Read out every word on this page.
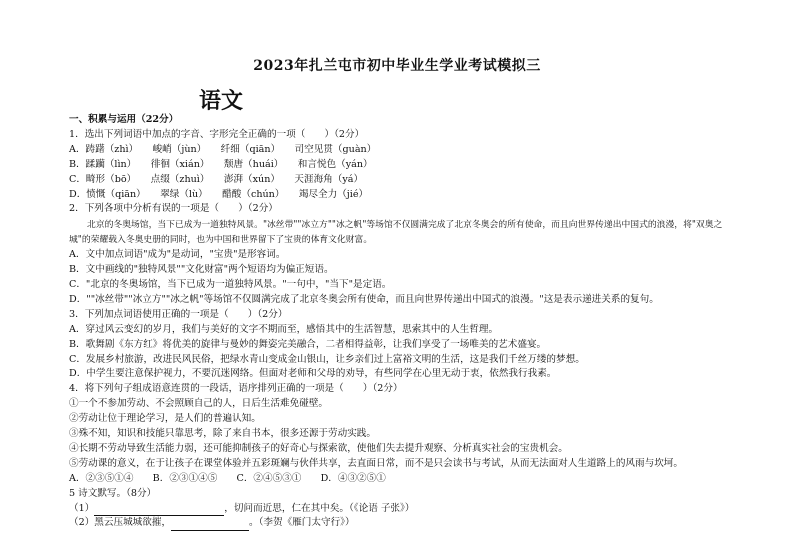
2023年扎兰屯市初中毕业生学业考试模拟三
语文
一、积累与运用（22分）
1．选出下列词语中加点的字音、字形完全正确的一项（　　）（2分）
A．踌躇（zhì）　　峻峭（jùn）　　纤细（qiān）　　司空见贯（guàn）
B．蹂躏（lìn）　　徘徊（xián）　　颓唐（huái）　　和言悦色（yán）
C．畸形（bō）　　点缀（zhuì）　　澎湃（xún）　　天涯海角（yá）
D．愤慨（qiān）　　翠绿（lù）　　醋酸（chún）　　竭尽全力（jié）
2．下列各项中分析有误的一项是（　　）（2分）
北京的冬奥场馆，当下已成为一道独特风景。"冰丝带""冰立方""冰之帆"等场馆不仅圆满完成了北京冬奥会的所有使命，而且向世界传递出中国式的浪漫，将"双奥之城"的荣耀载入冬奥史册的同时，也为中国和世界留下了宝贵的体育文化财富。
A．文中加点词语"成为"是动词，"宝贵"是形容词。
B．文中画线的"独特风景""文化财富"两个短语均为偏正短语。
C．"北京的冬奥场馆，当下已成为一道独特风景。"一句中，"当下"是定语。
D．""冰丝带""冰立方""冰之帆"等场馆不仅圆满完成了北京冬奥会所有使命，而且向世界传递出中国式的浪漫。"这是表示递进关系的复句。
3．下列加点词语使用正确的一项是（　　）（2分）
A．穿过风云变幻的岁月，我们与美好的文字不期而至，感悟其中的生活智慧，思索其中的人生哲理。
B．歌舞剧《东方红》将优美的旋律与曼妙的舞姿完美融合，二者相得益彰，让我们享受了一场唯美的艺术盛宴。
C．发展乡村旅游，改进民风民俗，把绿水青山变成金山银山，让乡亲们过上富裕文明的生活，这是我们千丝万缕的梦想。
D．中学生要注意保护视力，不要沉迷网络。但面对老师和父母的劝导，有些同学在心里无动于衷，依然我行我素。
4．将下列句子组成语意连贯的一段话，语序排列正确的一项是（　　）（2分）
①一个不参加劳动、不会照顾自己的人，日后生活难免碰壁。
②劳动让位于理论学习，是人们的普遍认知。
③殊不知，知识和技能只靠思考，除了来自书本，很多还源于劳动实践。
④长期不劳动导致生活能力弱，还可能抑制孩子的好奇心与探索欲，使他们失去提升观察、分析真实社会的宝贵机会。
⑤劳动课的意义，在于让孩子在课堂体验并五彩斑斓与伙伴共享，去直面日常，而不是只会读书与考试，从而无法面对人生道路上的风雨与坎坷。
A．②③⑤①④　　B．②③①④⑤　　C．②④⑤③①　　D．④③②⑤①
5 诗文默写。（8分）
（1）	，切问而近思，仁在其中矣。（《论语 子张》）
（2）黑云压城城欲摧，	。（李贺《雁门太守行》）
